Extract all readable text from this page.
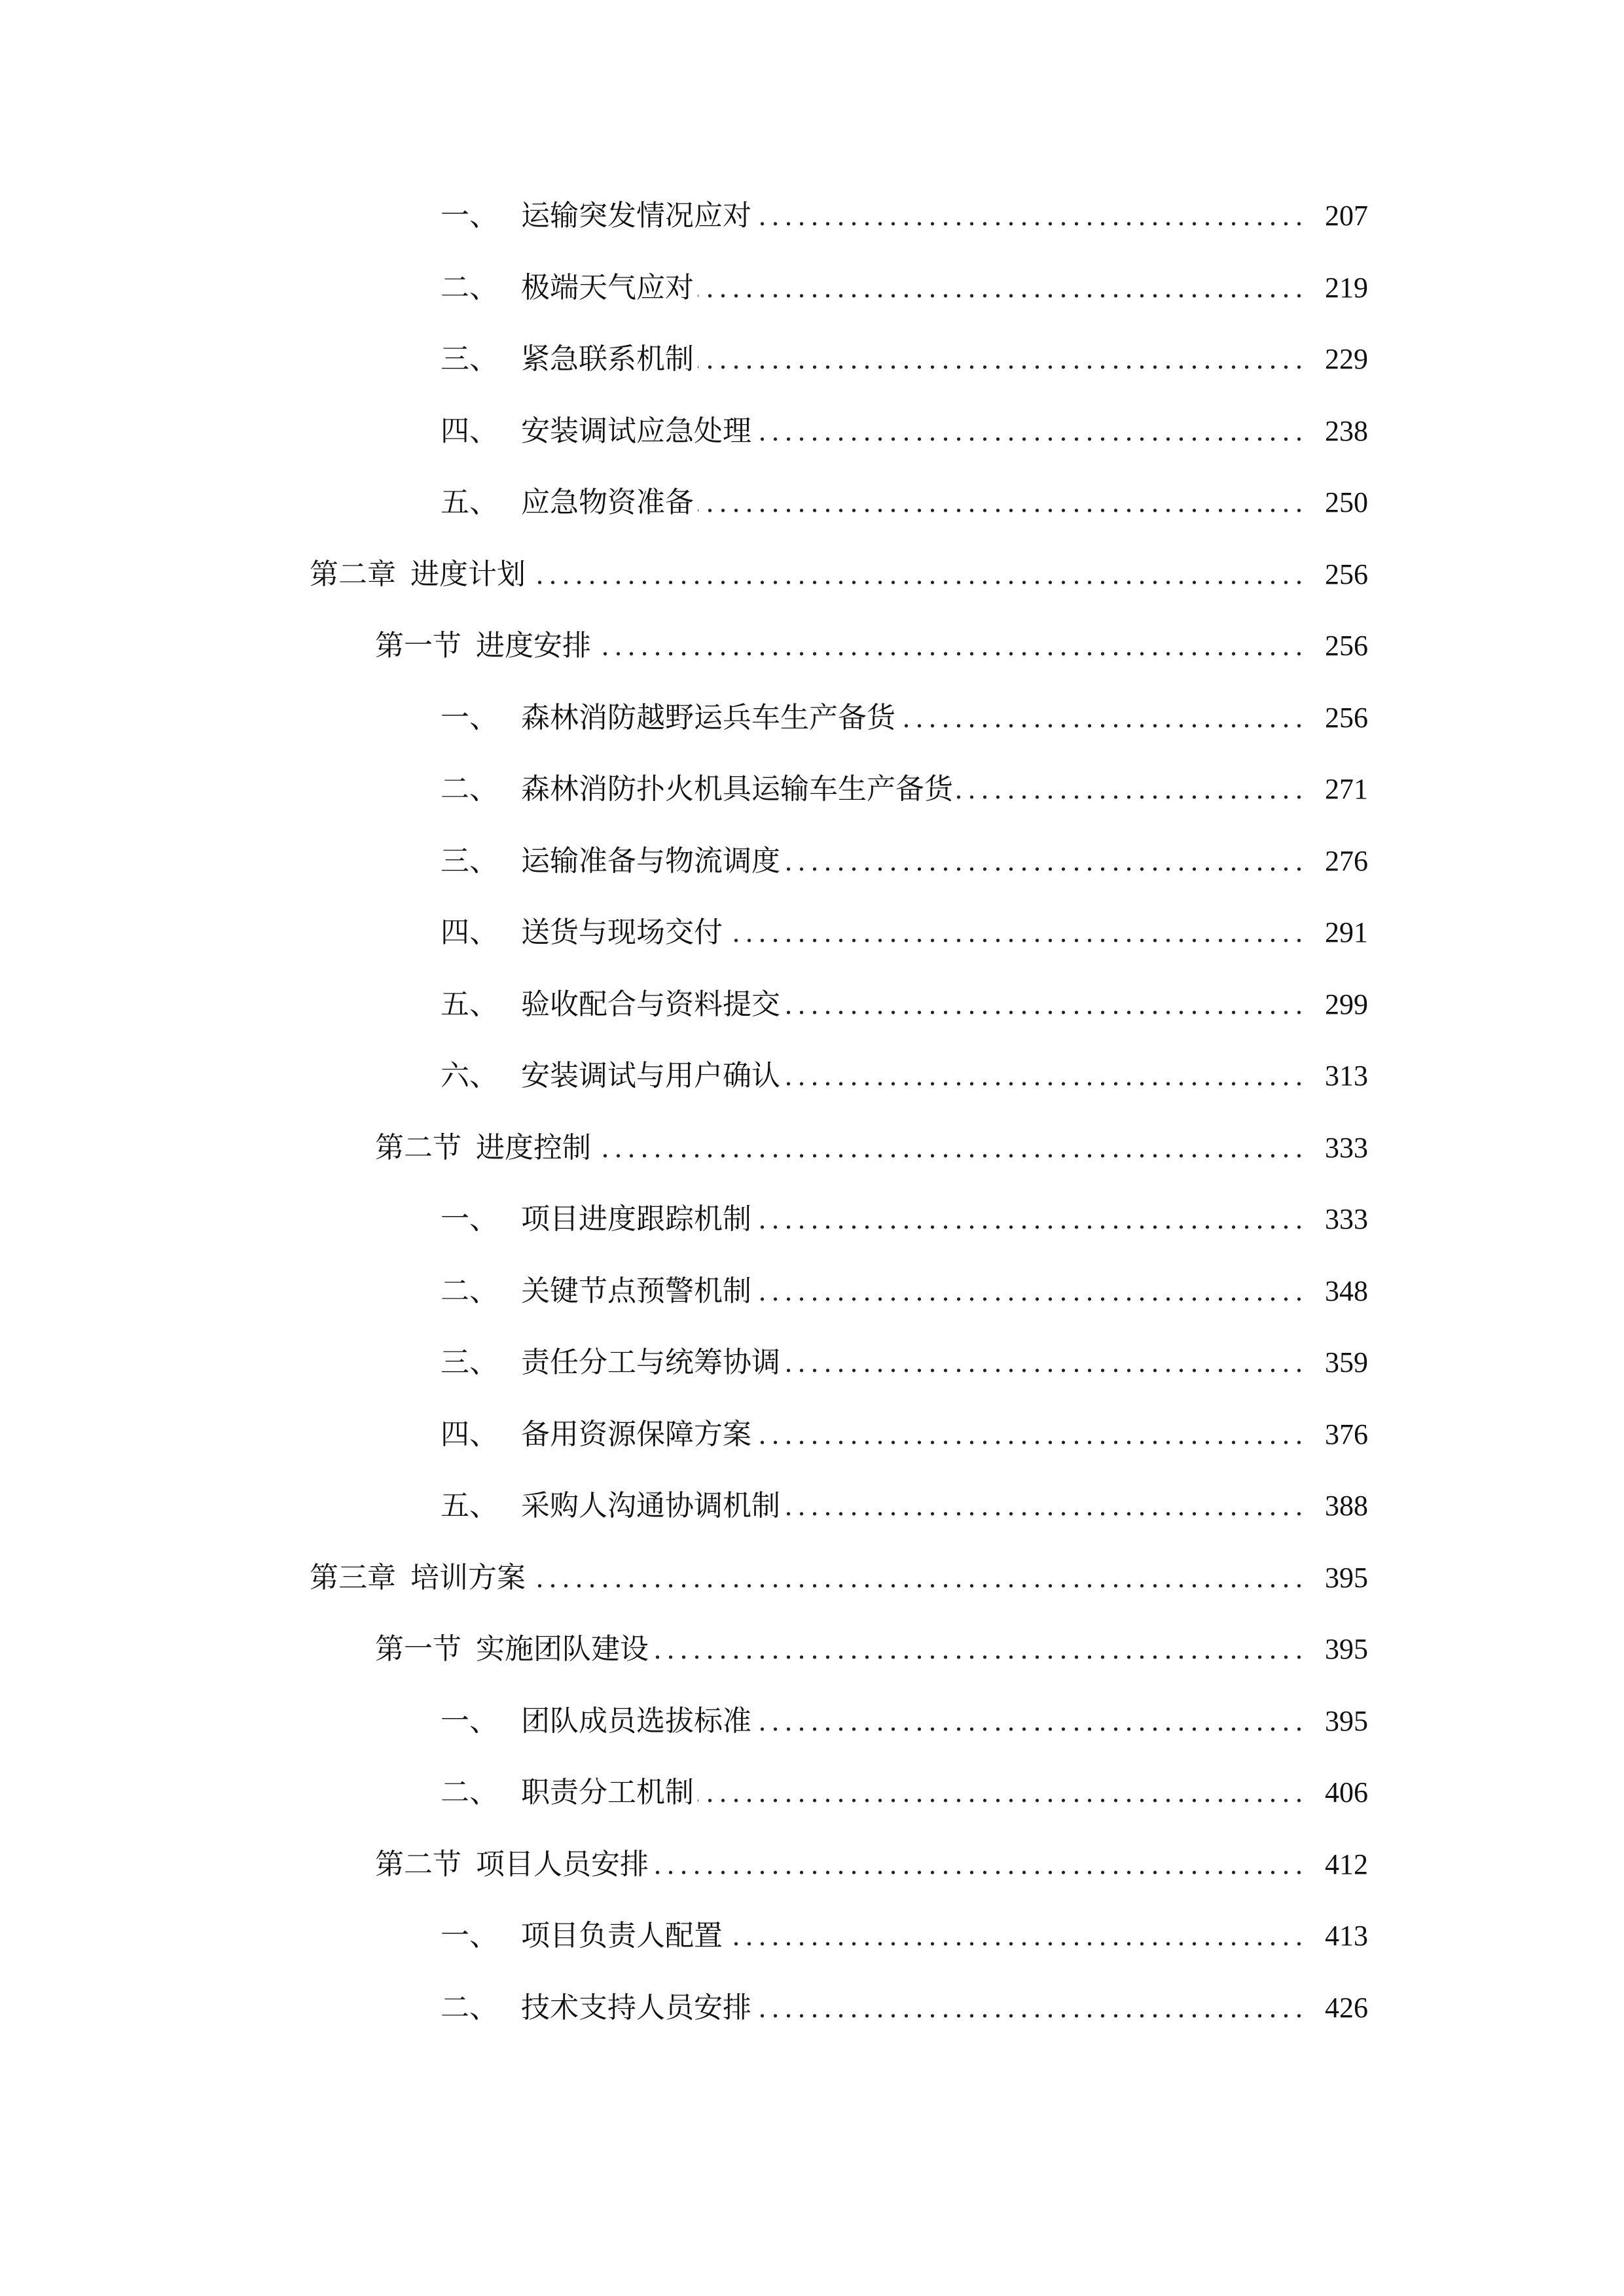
一、 运输突发情况应对 . . .	207
二、 极端天气应对 . . .	219
三、 紧急联系机制 . . .	229
四、 安装调试应急处理 . . .	238
五、 应急物资准备 . . .	250
第二章 进度计划 . . .	256
第一节 进度安排 . . .	256
一、 森林消防越野运兵车生产备货 . . .	256
二、 森林消防扑火机具运输车生产备货 . . .	271
三、 运输准备与物流调度 . . .	276
四、 送货与现场交付 . . .	291
五、 验收配合与资料提交 . . .	299
六、 安装调试与用户确认 . . .	313
第二节 进度控制 . . .	333
一、 项目进度跟踪机制 . . .	333
二、 关键节点预警机制 . . .	348
三、 责任分工与统筹协调 . . .	359
四、 备用资源保障方案 . . .	376
五、 采购人沟通协调机制 . . .	388
第三章 培训方案 . . .	395
第一节 实施团队建设 . . .	395
一、 团队成员选拔标准 . . .	395
二、 职责分工机制 . . .	406
第二节 项目人员安排 . . .	412
一、 项目负责人配置 . . .	413
二、 技术支持人员安排 . . .	426
